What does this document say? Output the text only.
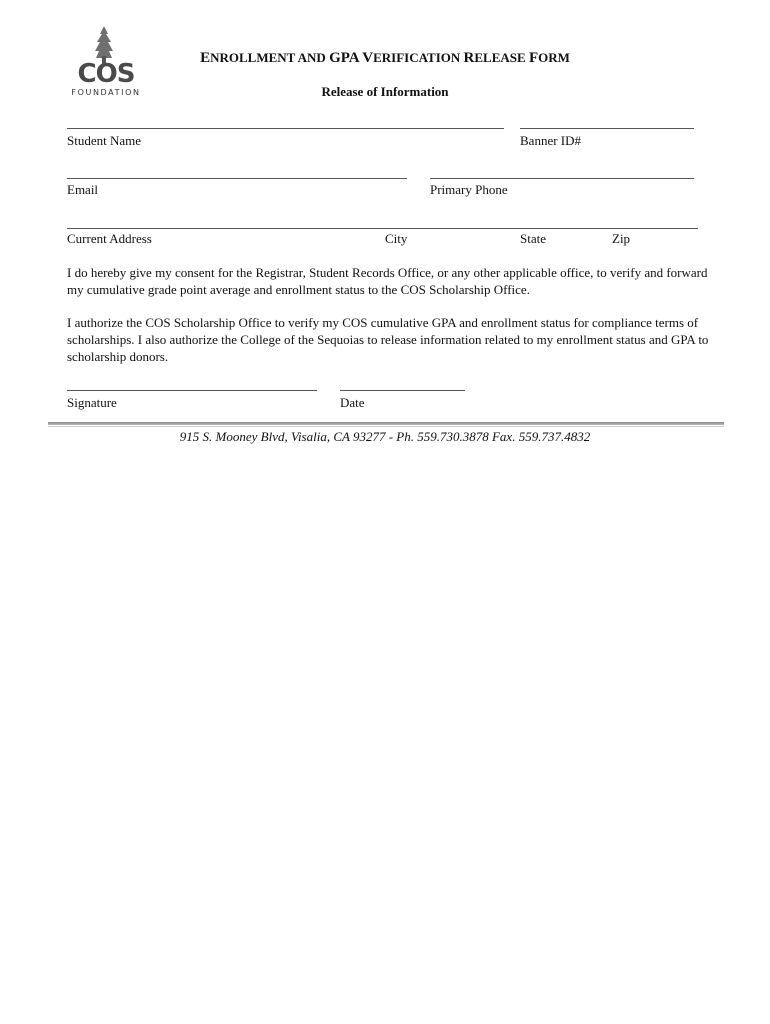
COS
FOUNDATION
ENROLLMENT AND GPA VERIFICATION RELEASE FORM
Release of Information
Student Name	Banner ID#
Email	Primary Phone
Current Address	City	State	Zip
I do hereby give my consent for the Registrar, Student Records Office, or any other applicable office, to verify and forward my cumulative grade point average and enrollment status to the COS Scholarship Office.
I authorize the COS Scholarship Office to verify my COS cumulative GPA and enrollment status for compliance terms of scholarships. I also authorize the College of the Sequoias to release information related to my enrollment status and GPA to scholarship donors.
Signature	Date
915 S. Mooney Blvd, Visalia, CA 93277 - Ph. 559.730.3878 Fax. 559.737.4832
